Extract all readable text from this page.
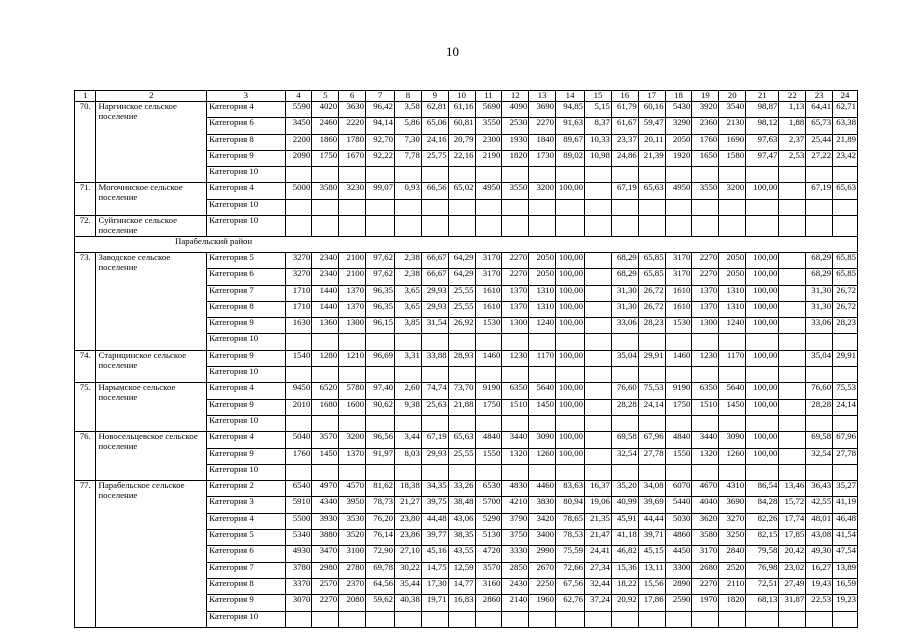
10
1	2	3	4	5	6	7	8	9	10	11	12	13	14	15	16	17	18	19	20	21	22	23	24
70.	Наргинское сельское поселение	Категория 4	5590	4020	3630	96,42	3,58	62,81	61,16	5690	4090	3690	94,85	5,15	61,79	60,16	5430	3920	3540	98,87	1,13	64,41	62,71
		Категория 6	3450	2460	2220	94,14	5,86	65,06	60,81	3550	2530	2270	91,63	8,37	61,67	59,47	3290	2360	2130	98,12	1,88	65,73	63,38
		Категория 8	2200	1860	1780	92,70	7,30	24,16	20,79	2300	1930	1840	89,67	10,33	23,37	20,11	2050	1760	1690	97,63	2,37	25,44	21,89
		Категория 9	2090	1750	1670	92,22	7,78	25,75	22,16	2190	1820	1730	89,02	10,98	24,86	21,39	1920	1650	1580	97,47	2,53	27,22	23,42
		Категория 10																					
71.	Могочинское сельское поселение	Категория 4	5000	3580	3230	99,07	0,93	66,56	65,02	4950	3550	3200	100,00		67,19	65,63	4950	3550	3200	100,00		67,19	65,63
		Категория 10																					
72.	Суйгинское сельское поселение	Категория 10																					
Парабельский район																							
73.	Заводское сельское поселение	Категория 5	3270	2340	2100	97,62	2,38	66,67	64,29	3170	2270	2050	100,00		68,29	65,85	3170	2270	2050	100,00		68,29	65,85
		Категория 6	3270	2340	2100	97,62	2,38	66,67	64,29	3170	2270	2050	100,00		68,29	65,85	3170	2270	2050	100,00		68,29	65,85
		Категория 7	1710	1440	1370	96,35	3,65	29,93	25,55	1610	1370	1310	100,00		31,30	26,72	1610	1370	1310	100,00		31,30	26,72
		Категория 8	1710	1440	1370	96,35	3,65	29,93	25,55	1610	1370	1310	100,00		31,30	26,72	1610	1370	1310	100,00		31,30	26,72
		Категория 9	1630	1360	1300	96,15	3,85	31,54	26,92	1530	1300	1240	100,00		33,06	28,23	1530	1300	1240	100,00		33,06	28,23
		Категория 10																					
74.	Старицинское сельское поселение	Категория 9	1540	1280	1210	96,69	3,31	33,88	28,93	1460	1230	1170	100,00		35,04	29,91	1460	1230	1170	100,00		35,04	29,91
		Категория 10																					
75.	Нарымское сельское поселение	Категория 4	9450	6520	5780	97,40	2,60	74,74	73,70	9190	6350	5640	100,00		76,60	75,53	9190	6350	5640	100,00		76,60	75,53
		Категория 9	2010	1680	1600	90,62	9,38	25,63	21,88	1750	1510	1450	100,00		28,28	24,14	1750	1510	1450	100,00		28,28	24,14
		Категория 10																					
76.	Новосельцевское сельское поселение	Категория 4	5040	3570	3200	96,56	3,44	67,19	65,63	4840	3440	3090	100,00		69,58	67,96	4840	3440	3090	100,00		69,58	67,96
		Категория 9	1760	1450	1370	91,97	8,03	29,93	25,55	1550	1320	1260	100,00		32,54	27,78	1550	1320	1260	100,00		32,54	27,78
		Категория 10																					
77.	Парабельское сельское поселение	Категория 2	6540	4970	4570	81,62	18,38	34,35	33,26	6530	4830	4460	83,63	16,37	35,20	34,08	6070	4670	4310	86,54	13,46	36,43	35,27
		Категория 3	5910	4340	3950	78,73	21,27	39,75	38,48	5700	4210	3830	80,94	19,06	40,99	39,69	5440	4040	3690	84,28	15,72	42,55	41,19
		Категория 4	5500	3930	3530	76,20	23,80	44,48	43,06	5290	3790	3420	78,65	21,35	45,91	44,44	5030	3620	3270	82,26	17,74	48,01	46,48
		Категория 5	5340	3880	3520	76,14	23,86	39,77	38,35	5130	3750	3400	78,53	21,47	41,18	39,71	4860	3580	3250	82,15	17,85	43,08	41,54
		Категория 6	4930	3470	3100	72,90	27,10	45,16	43,55	4720	3330	2990	75,59	24,41	46,82	45,15	4450	3170	2840	79,58	20,42	49,30	47,54
		Категория 7	3780	2980	2780	69,78	30,22	14,75	12,59	3570	2850	2670	72,66	27,34	15,36	13,11	3300	2680	2520	76,98	23,02	16,27	13,89
		Категория 8	3370	2570	2370	64,56	35,44	17,30	14,77	3160	2430	2250	67,56	32,44	18,22	15,56	2890	2270	2110	72,51	27,49	19,43	16,59
		Категория 9	3070	2270	2080	59,62	40,38	19,71	16,83	2860	2140	1960	62,76	37,24	20,92	17,86	2590	1970	1820	68,13	31,87	22,53	19,23
		Категория 10																					
